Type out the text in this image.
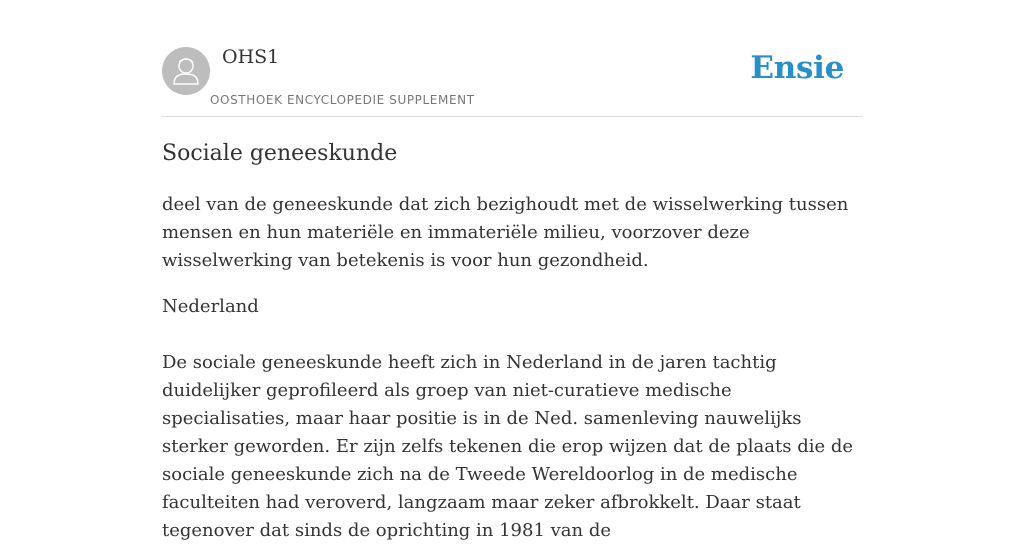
OHS1
OOSTHOEK ENCYCLOPEDIE SUPPLEMENT
Ensie
Sociale geneeskunde

deel van de geneeskunde dat zich bezighoudt met de wisselwerking tussen mensen en hun materiële en immateriële milieu, voorzover deze wisselwerking van betekenis is voor hun gezondheid.

Nederland

De sociale geneeskunde heeft zich in Nederland in de jaren tachtig duidelijker geprofileerd als groep van niet-curatieve medische specialisaties, maar haar positie is in de Ned. samenleving nauwelijks sterker geworden. Er zijn zelfs tekenen die erop wijzen dat de plaats die de sociale geneeskunde zich na de Tweede Wereldoorlog in de medische faculteiten had veroverd, langzaam maar zeker afbrokkelt. Daar staat tegenover dat sinds de oprichting in 1981 van de
